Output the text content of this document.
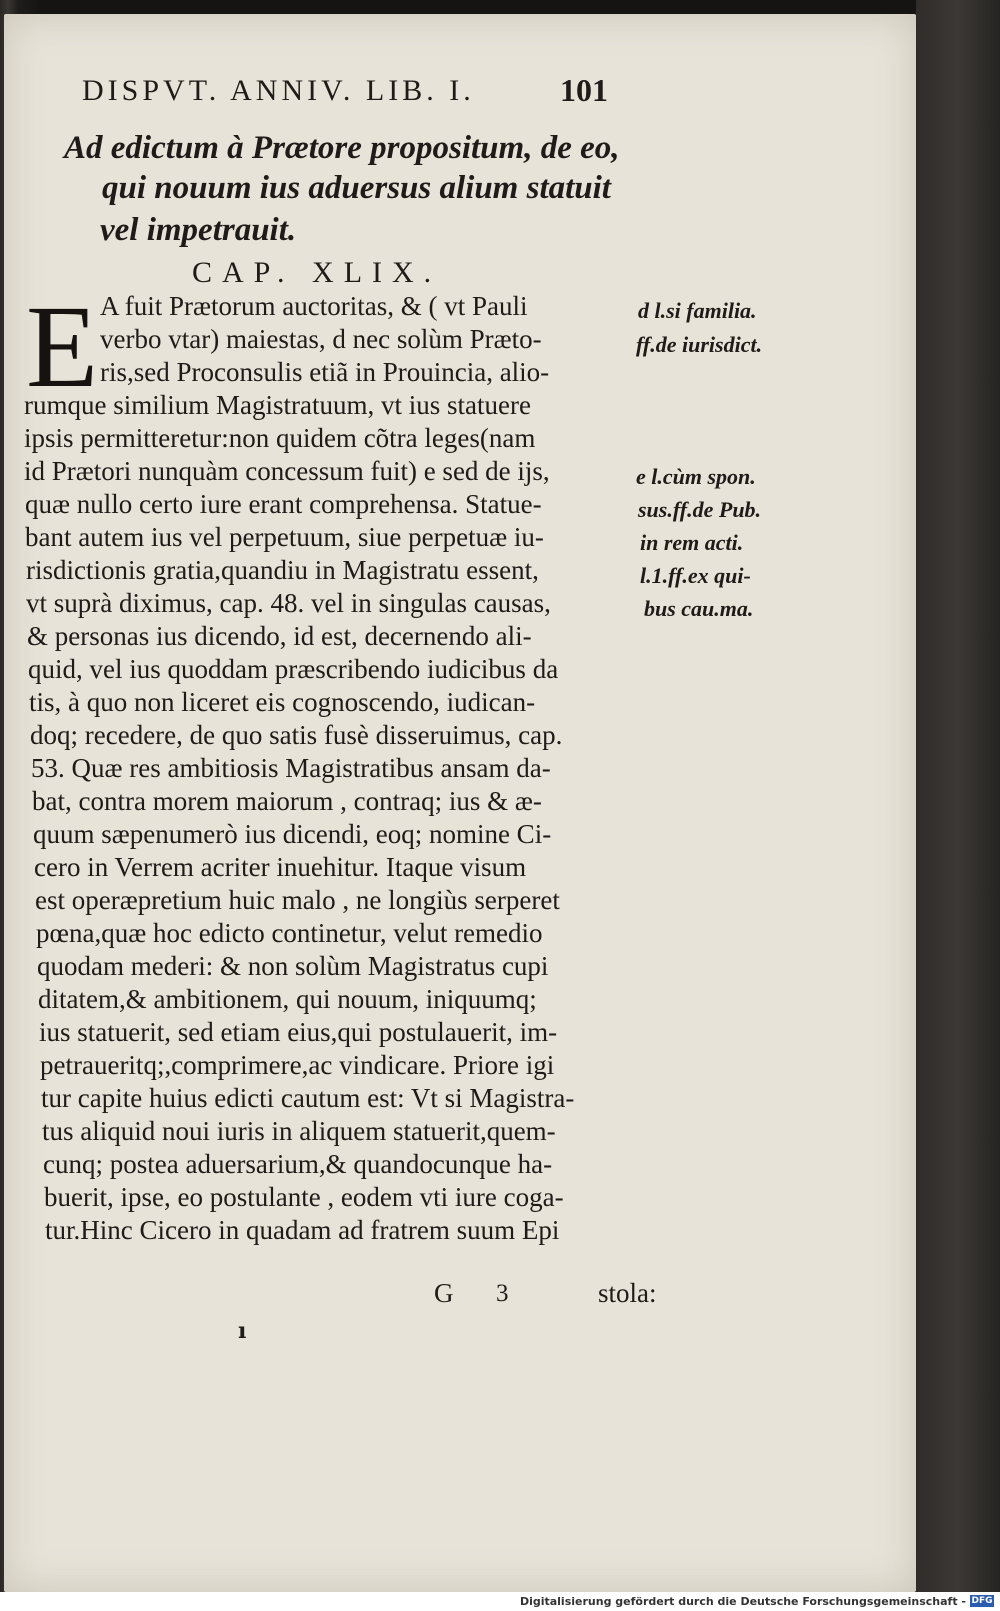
DISPVT. ANNIV. LIB. I.	101
Ad edictum à Prætore propositum, de eo,
qui nouum ius aduersus alium statuit
vel impetrauit.
CAP. XLIX.
E A fuit Prætorum auctoritas, & ( vt Pauli
verbo vtar) maiestas, d nec solùm Præto-
ris,sed Proconsulis etiã in Prouincia, alio-
rumque similium Magistratuum, vt ius statuere
ipsis permitteretur:non quidem cõtra leges(nam
id Prætori nunquàm concessum fuit) e sed de ijs,
quæ nullo certo iure erant comprehensa. Statue-
bant autem ius vel perpetuum, siue perpetuæ iu-
risdictionis gratia,quandiu in Magistratu essent,
vt suprà diximus, cap. 48. vel in singulas causas,
& personas ius dicendo, id est, decernendo ali-
quid, vel ius quoddam præscribendo iudicibus da
tis, à quo non liceret eis cognoscendo, iudican-
doq; recedere, de quo satis fusè disseruimus, cap.
53. Quæ res ambitiosis Magistratibus ansam da-
bat, contra morem maiorum , contraq; ius & æ-
quum sæpenumerò ius dicendi, eoq; nomine Ci-
cero in Verrem acriter inuehitur. Itaque visum
est operæpretium huic malo , ne longiùs serperet
pœna,quæ hoc edicto continetur, velut remedio
quodam mederi: & non solùm Magistratus cupi
ditatem,& ambitionem, qui nouum, iniquumq;
ius statuerit, sed etiam eius,qui postulauerit, im-
petraueritq;,comprimere,ac vindicare. Priore igi
tur capite huius edicti cautum est: Vt si Magistra-
tus aliquid noui iuris in aliquem statuerit,quem-
cunq; postea aduersarium,& quandocunque ha-
buerit, ipse, eo postulante , eodem vti iure coga-
tur.Hinc Cicero in quadam ad fratrem suum Epi
d l.si familia.
ff.de iurisdict.
e l.cùm spon.
sus.ff.de Pub.
in rem acti.
l.1.ff.ex qui-
bus cau.ma.
G 3	stola:
ı
Digitalisierung gefördert durch die Deutsche Forschungsgemeinschaft - DFG
